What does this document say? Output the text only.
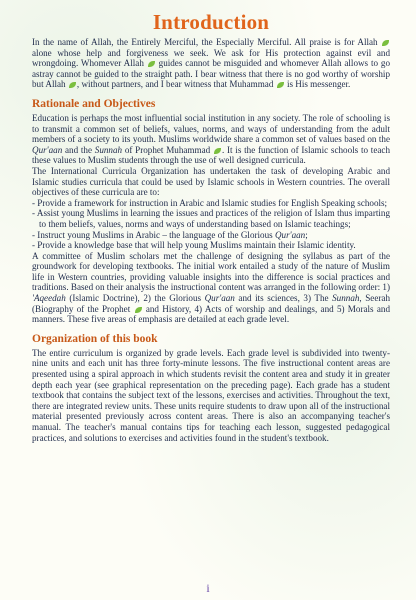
Introduction

In the name of Allah, the Entirely Merciful, the Especially Merciful. All praise is for Allah  alone whose help and forgiveness we seek. We ask for His protection against evil and wrongdoing. Whomever Allah guides cannot be misguided and whomever Allah allows to go astray cannot be guided to the straight path. I bear witness that there is no god worthy of worship but Allah , without partners, and I bear witness that Muhammad is His messenger.

Rationale and Objectives

Education is perhaps the most influential social institution in any society. The role of schooling is to transmit a common set of beliefs, values, norms, and ways of understanding from the adult members of a society to its youth. Muslims worldwide share a common set of values based on the Qur'aan and the Sunnah of Prophet Muhammad . It is the function of Islamic schools to teach these values to Muslim students through the use of well designed curricula.

The International Curricula Organization has undertaken the task of developing Arabic and Islamic studies curricula that could be used by Islamic schools in Western countries. The overall objectives of these curricula are to:

- Provide a framework for instruction in Arabic and Islamic studies for English Speaking schools;
- Assist young Muslims in learning the issues and practices of the religion of Islam thus imparting to them beliefs, values, norms and ways of understanding based on Islamic teachings;
- Instruct young Muslims in Arabic – the language of the Glorious Qur'aan;
- Provide a knowledge base that will help young Muslims maintain their Islamic identity.

A committee of Muslim scholars met the challenge of designing the syllabus as part of the groundwork for developing textbooks. The initial work entailed a study of the nature of Muslim life in Western countries, providing valuable insights into the difference is social practices and traditions. Based on their analysis the instructional content was arranged in the following order: 1) 'Aqeedah (Islamic Doctrine), 2) the Glorious Qur'aan and its sciences, 3) The Sunnah, Seerah (Biography of the Prophet  and History, 4) Acts of worship and dealings, and 5) Morals and manners. These five areas of emphasis are detailed at each grade level.

Organization of this book

The entire curriculum is organized by grade levels. Each grade level is subdivided into twenty-nine units and each unit has three forty-minute lessons. The five instructional content areas are presented using a spiral approach in which students revisit the content area and study it in greater depth each year (see graphical representation on the preceding page). Each grade has a student textbook that contains the subject text of the lessons, exercises and activities. Throughout the text, there are integrated review units. These units require students to draw upon all of the instructional material presented previously across content areas. There is also an accompanying teacher's manual. The teacher's manual contains tips for teaching each lesson, suggested pedagogical practices, and solutions to exercises and activities found in the student's textbook.

i
